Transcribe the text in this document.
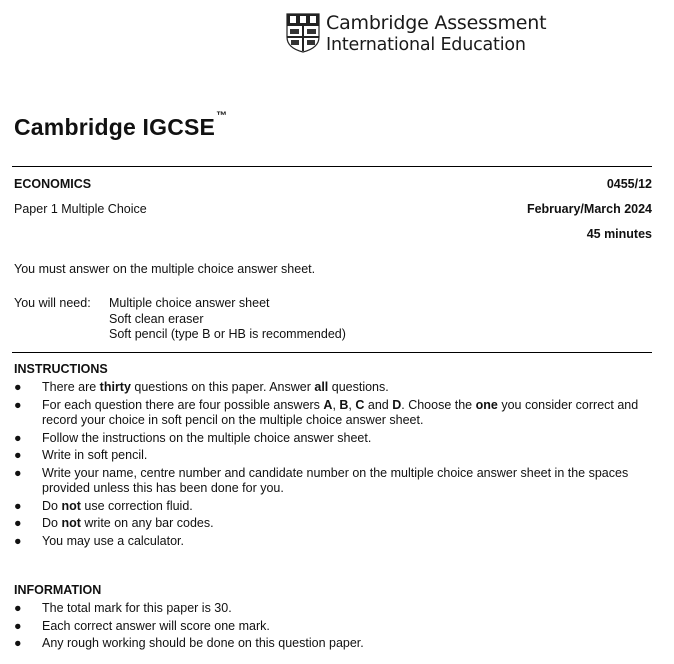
Cambridge Assessment
International Education
Cambridge IGCSE™
ECONOMICS	0455/12
Paper 1 Multiple Choice	February/March 2024
45 minutes
You must answer on the multiple choice answer sheet.
You will need: Multiple choice answer sheet
Soft clean eraser
Soft pencil (type B or HB is recommended)
INSTRUCTIONS
● There are thirty questions on this paper. Answer all questions.
● For each question there are four possible answers A, B, C and D. Choose the one you consider correct and record your choice in soft pencil on the multiple choice answer sheet.
● Follow the instructions on the multiple choice answer sheet.
● Write in soft pencil.
● Write your name, centre number and candidate number on the multiple choice answer sheet in the spaces provided unless this has been done for you.
● Do not use correction fluid.
● Do not write on any bar codes.
● You may use a calculator.
INFORMATION
● The total mark for this paper is 30.
● Each correct answer will score one mark.
● Any rough working should be done on this question paper.
